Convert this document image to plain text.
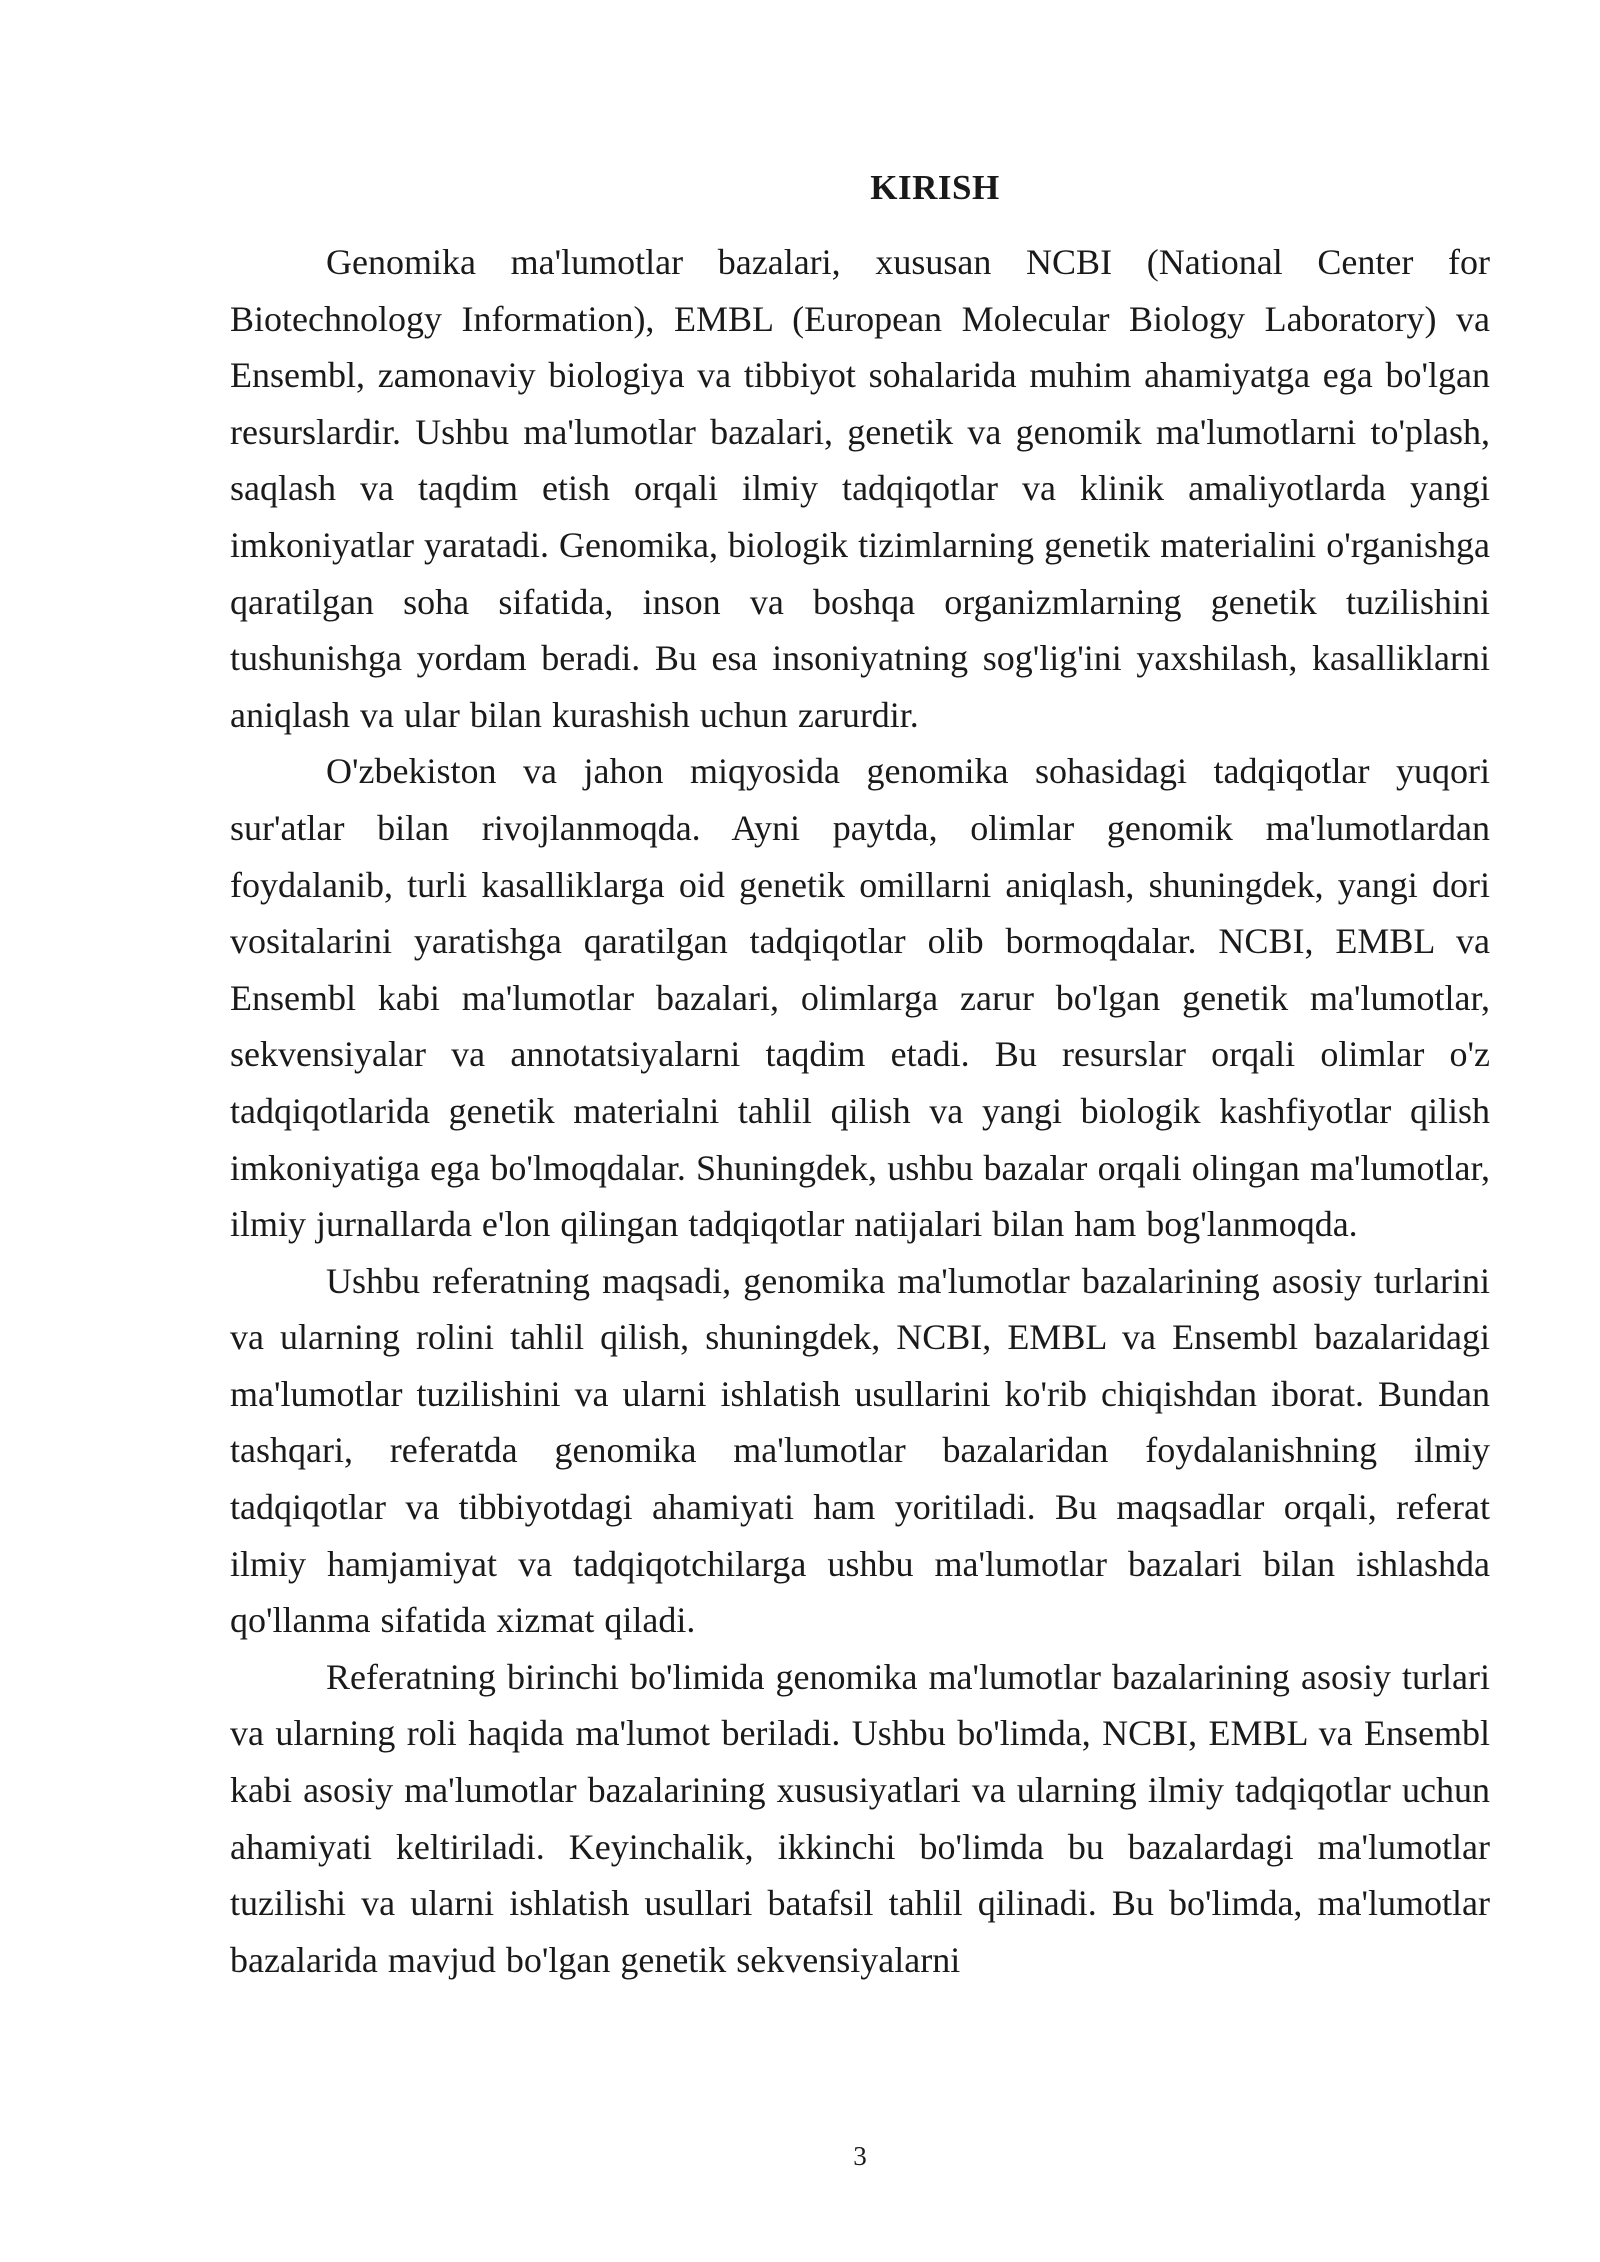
KIRISH

Genomika ma'lumotlar bazalari, xususan NCBI (National Center for Biotechnology Information), EMBL (European Molecular Biology Laboratory) va Ensembl, zamonaviy biologiya va tibbiyot sohalarida muhim ahamiyatga ega bo'lgan resurslardir. Ushbu ma'lumotlar bazalari, genetik va genomik ma'lumotlarni to'plash, saqlash va taqdim etish orqali ilmiy tadqiqotlar va klinik amaliyotlarda yangi imkoniyatlar yaratadi. Genomika, biologik tizimlarning genetik materialini o'rganishga qaratilgan soha sifatida, inson va boshqa organizmlarning genetik tuzilishini tushunishga yordam beradi. Bu esa insoniyatning sog'lig'ini yaxshilash, kasalliklarni aniqlash va ular bilan kurashish uchun zarurdir.

O'zbekiston va jahon miqyosida genomika sohasidagi tadqiqotlar yuqori sur'atlar bilan rivojlanmoqda. Ayni paytda, olimlar genomik ma'lumotlardan foydalanib, turli kasalliklarga oid genetik omillarni aniqlash, shuningdek, yangi dori vositalarini yaratishga qaratilgan tadqiqotlar olib bormoqdalar. NCBI, EMBL va Ensembl kabi ma'lumotlar bazalari, olimlarga zarur bo'lgan genetik ma'lumotlar, sekvensiyalar va annotatsiyalarni taqdim etadi. Bu resurslar orqali olimlar o'z tadqiqotlarida genetik materialni tahlil qilish va yangi biologik kashfiyotlar qilish imkoniyatiga ega bo'lmoqdalar. Shuningdek, ushbu bazalar orqali olingan ma'lumotlar, ilmiy jurnallarda e'lon qilingan tadqiqotlar natijalari bilan ham bog'lanmoqda.

Ushbu referatning maqsadi, genomika ma'lumotlar bazalarining asosiy turlarini va ularning rolini tahlil qilish, shuningdek, NCBI, EMBL va Ensembl bazalaridagi ma'lumotlar tuzilishini va ularni ishlatish usullarini ko'rib chiqishdan iborat. Bundan tashqari, referatda genomika ma'lumotlar bazalaridan foydalanishning ilmiy tadqiqotlar va tibbiyotdagi ahamiyati ham yoritiladi. Bu maqsadlar orqali, referat ilmiy hamjamiyat va tadqiqotchilarga ushbu ma'lumotlar bazalari bilan ishlashda qo'llanma sifatida xizmat qiladi.

Referatning birinchi bo'limida genomika ma'lumotlar bazalarining asosiy turlari va ularning roli haqida ma'lumot beriladi. Ushbu bo'limda, NCBI, EMBL va Ensembl kabi asosiy ma'lumotlar bazalarining xususiyatlari va ularning ilmiy tadqiqotlar uchun ahamiyati keltiriladi. Keyinchalik, ikkinchi bo'limda bu bazalardagi ma'lumotlar tuzilishi va ularni ishlatish usullari batafsil tahlil qilinadi. Bu bo'limda, ma'lumotlar bazalarida mavjud bo'lgan genetik sekvensiyalarni

3
